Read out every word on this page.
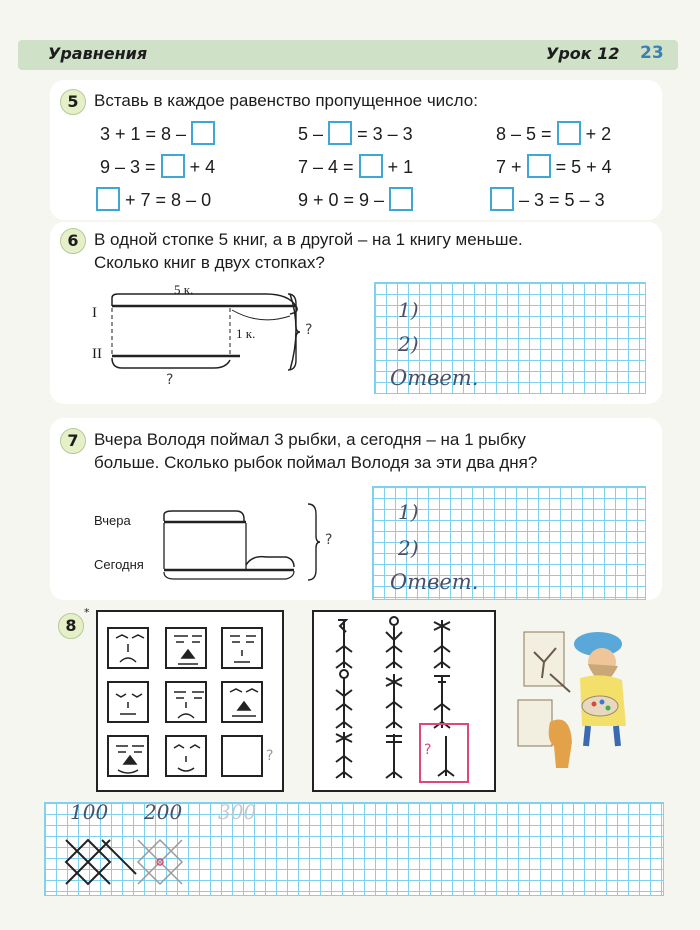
Уравнения	Урок 12 23
5 Вставь в каждое равенство пропущенное число:
3 + 1 = 8 –	5 – = 3 – 3	8 – 5 = + 2
9 – 3 = + 4	7 – 4 = + 1	7 + = 5 + 4
+ 7 = 8 – 0	9 + 0 = 9 –	– 3 = 5 – 3
6 В одной стопке 5 книг, а в другой – на 1 книгу меньше.
Сколько книг в двух стопках?
I
II
5 к.
1 к.
?
?
1)
2)
Ответ.
7 Вчера Володя поймал 3 рыбки, а сегодня – на 1 рыбку
больше. Сколько рыбок поймал Володя за эти два дня?
Вчера
Сегодня
?
1)
2)
Ответ.
8
*
?	?
100 200 300
